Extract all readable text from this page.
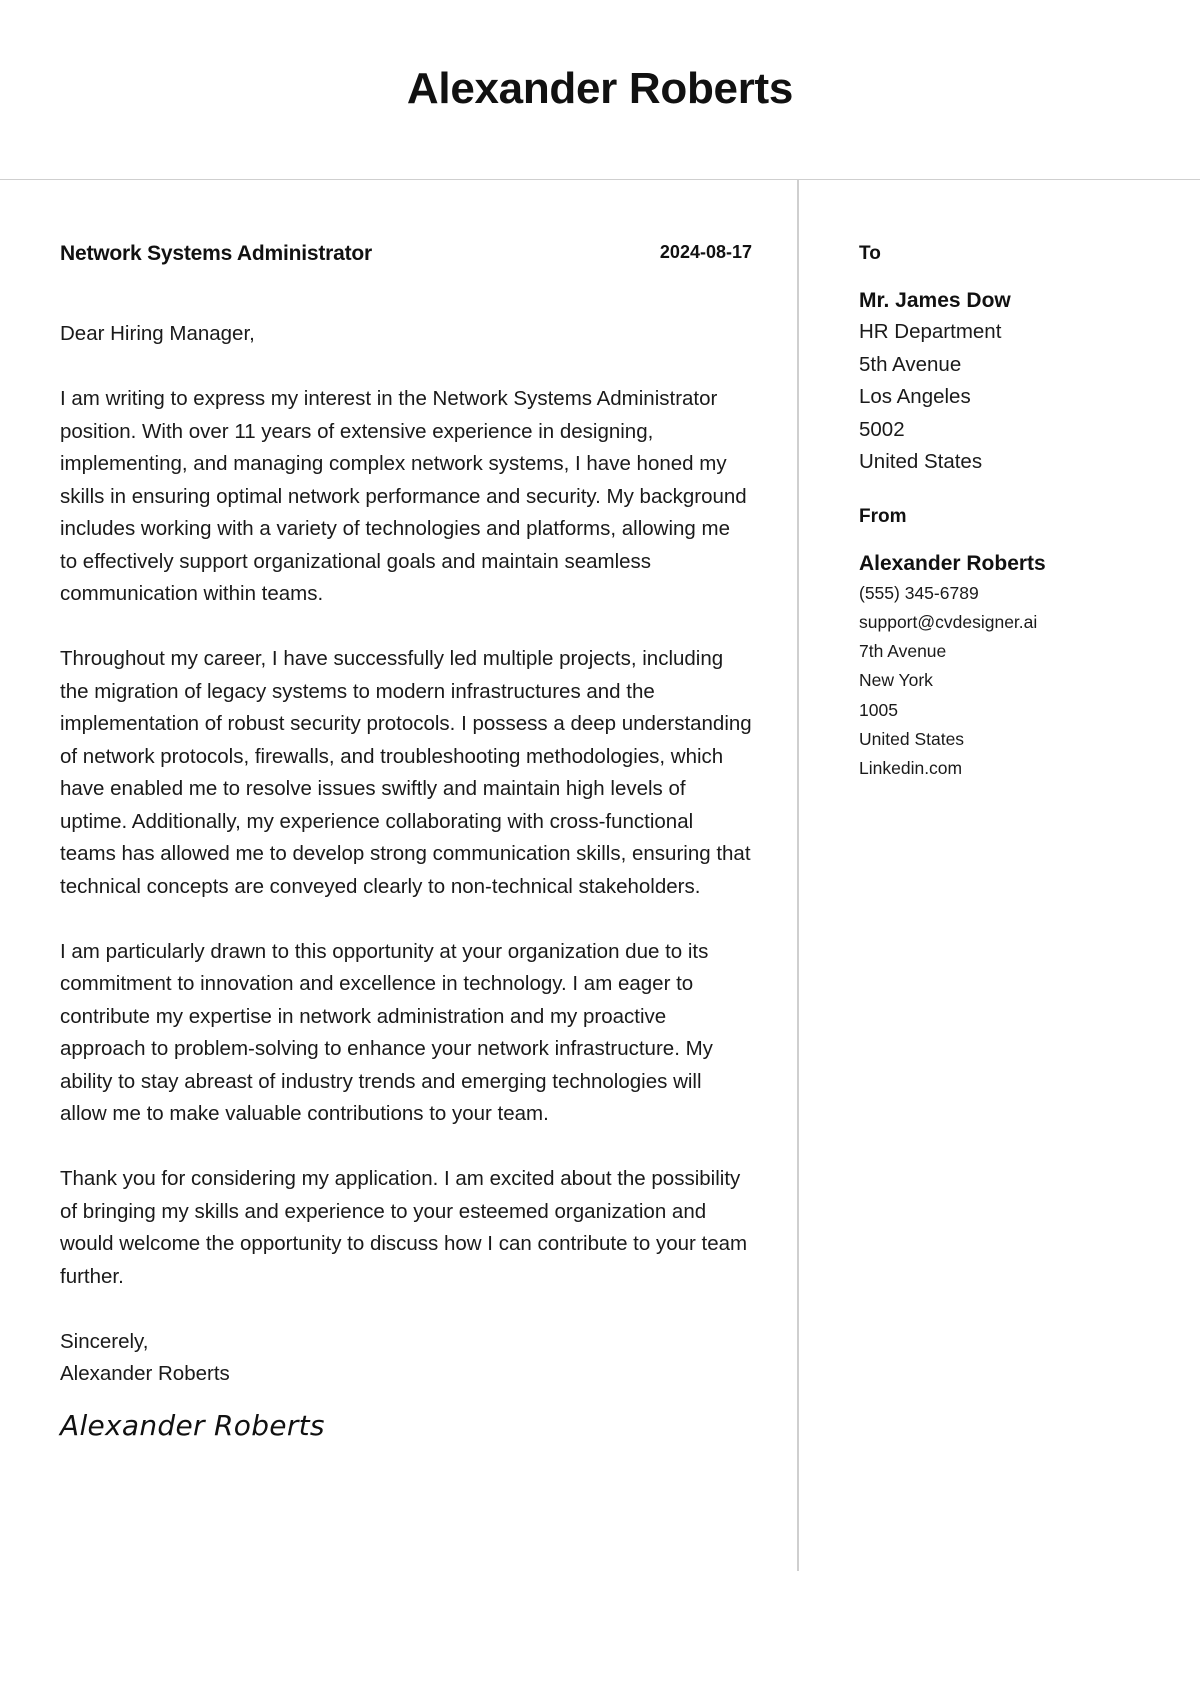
Alexander Roberts
Network Systems Administrator	2024-08-17

Dear Hiring Manager,

I am writing to express my interest in the Network Systems Administrator position. With over 11 years of extensive experience in designing, implementing, and managing complex network systems, I have honed my skills in ensuring optimal network performance and security. My background includes working with a variety of technologies and platforms, allowing me to effectively support organizational goals and maintain seamless communication within teams.

Throughout my career, I have successfully led multiple projects, including the migration of legacy systems to modern infrastructures and the implementation of robust security protocols. I possess a deep understanding of network protocols, firewalls, and troubleshooting methodologies, which have enabled me to resolve issues swiftly and maintain high levels of uptime. Additionally, my experience collaborating with cross-functional teams has allowed me to develop strong communication skills, ensuring that technical concepts are conveyed clearly to non-technical stakeholders.

I am particularly drawn to this opportunity at your organization due to its commitment to innovation and excellence in technology. I am eager to contribute my expertise in network administration and my proactive approach to problem-solving to enhance your network infrastructure. My ability to stay abreast of industry trends and emerging technologies will allow me to make valuable contributions to your team.

Thank you for considering my application. I am excited about the possibility of bringing my skills and experience to your esteemed organization and would welcome the opportunity to discuss how I can contribute to your team further.

Sincerely,

Alexander Roberts

Alexander Roberts
To
Mr. James Dow
HR Department
5th Avenue
Los Angeles
5002
United States
From
Alexander Roberts
(555) 345-6789
support@cvdesigner.ai
7th Avenue
New York
1005
United States
Linkedin.com
